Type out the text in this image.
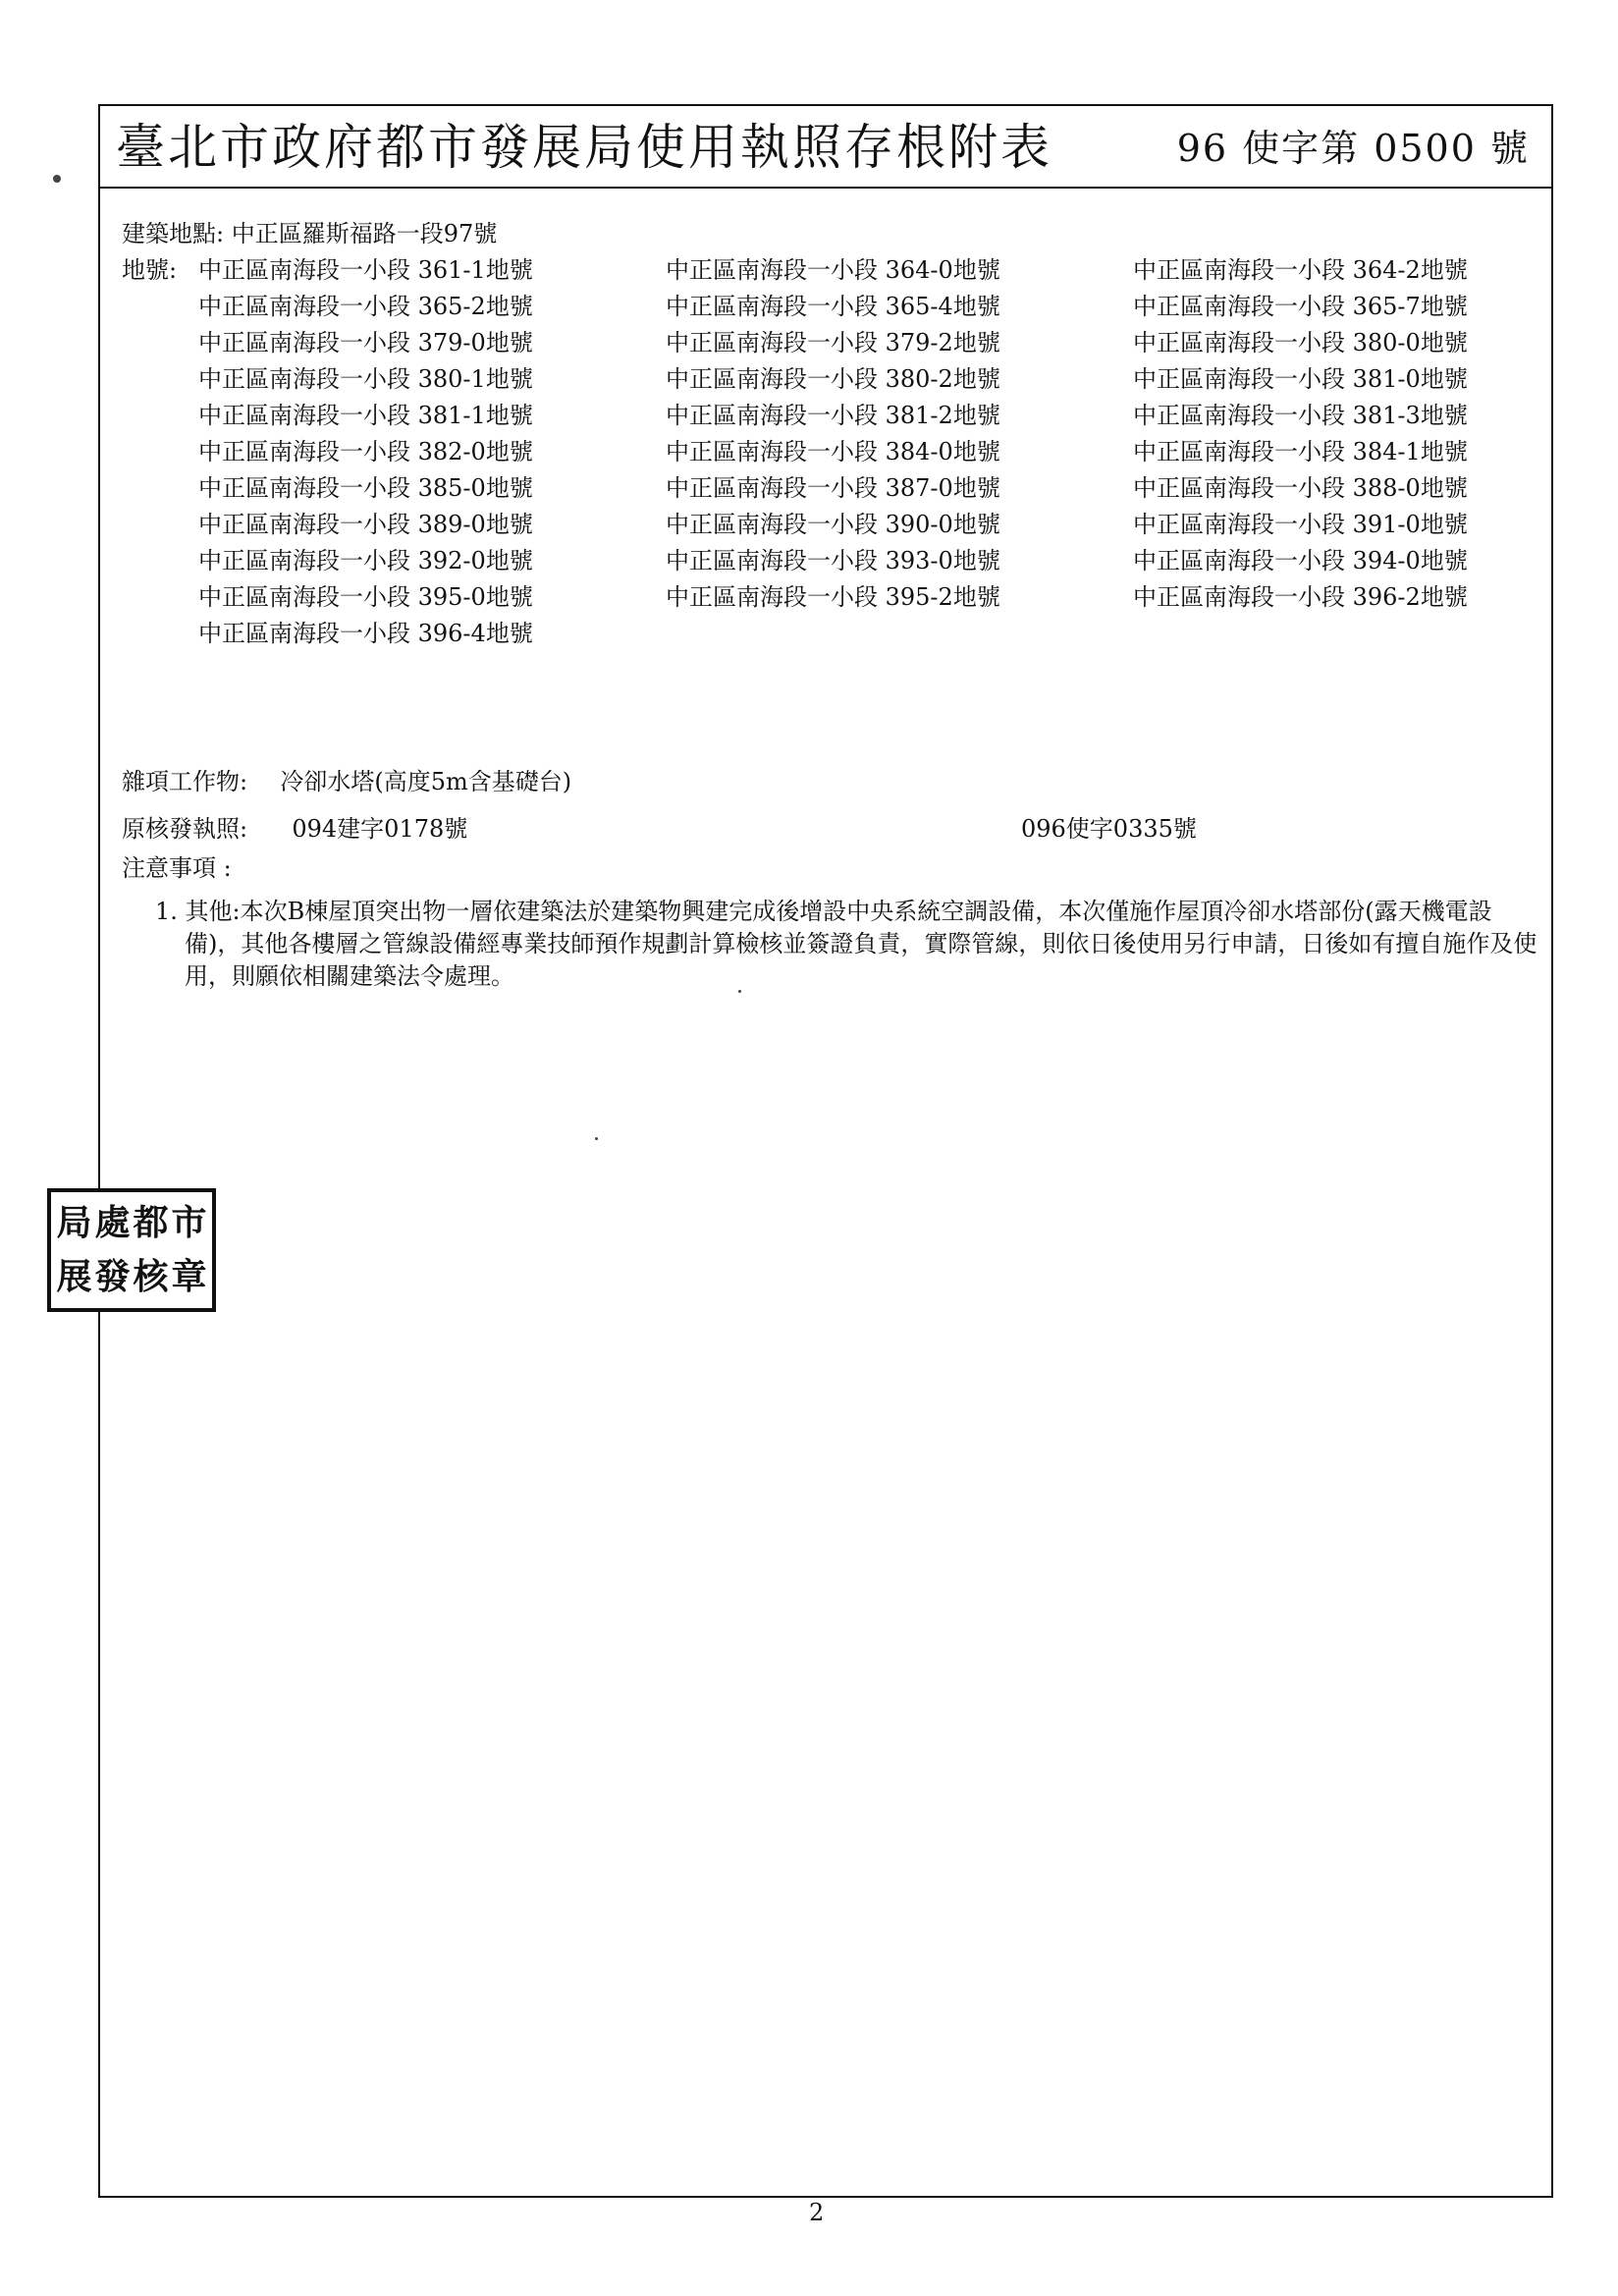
臺北市政府都市發展局使用執照存根附表	96 使字第 0500 號
建築地點: 中正區羅斯福路一段97號
地號: 中正區南海段一小段 361-1地號	中正區南海段一小段 364-0地號	中正區南海段一小段 364-2地號
中正區南海段一小段 365-2地號	中正區南海段一小段 365-4地號	中正區南海段一小段 365-7地號
中正區南海段一小段 379-0地號	中正區南海段一小段 379-2地號	中正區南海段一小段 380-0地號
中正區南海段一小段 380-1地號	中正區南海段一小段 380-2地號	中正區南海段一小段 381-0地號
中正區南海段一小段 381-1地號	中正區南海段一小段 381-2地號	中正區南海段一小段 381-3地號
中正區南海段一小段 382-0地號	中正區南海段一小段 384-0地號	中正區南海段一小段 384-1地號
中正區南海段一小段 385-0地號	中正區南海段一小段 387-0地號	中正區南海段一小段 388-0地號
中正區南海段一小段 389-0地號	中正區南海段一小段 390-0地號	中正區南海段一小段 391-0地號
中正區南海段一小段 392-0地號	中正區南海段一小段 393-0地號	中正區南海段一小段 394-0地號
中正區南海段一小段 395-0地號	中正區南海段一小段 395-2地號	中正區南海段一小段 396-2地號
中正區南海段一小段 396-4地號
雜項工作物: 冷卻水塔(高度5m含基礎台)
原核發執照: 094建字0178號	096使字0335號
注意事項 :
1. 其他:本次B棟屋頂突出物一層依建築法於建築物興建完成後增設中央系統空調設備，本次僅施作屋頂冷卻水塔部份(露天機電設備)，其他各樓層之管線設備經專業技師預作規劃計算檢核並簽證負責，實際管線，則依日後使用另行申請，日後如有擅自施作及使用，則願依相關建築法令處理。
局 處 都 市
展 發 核 章
2
